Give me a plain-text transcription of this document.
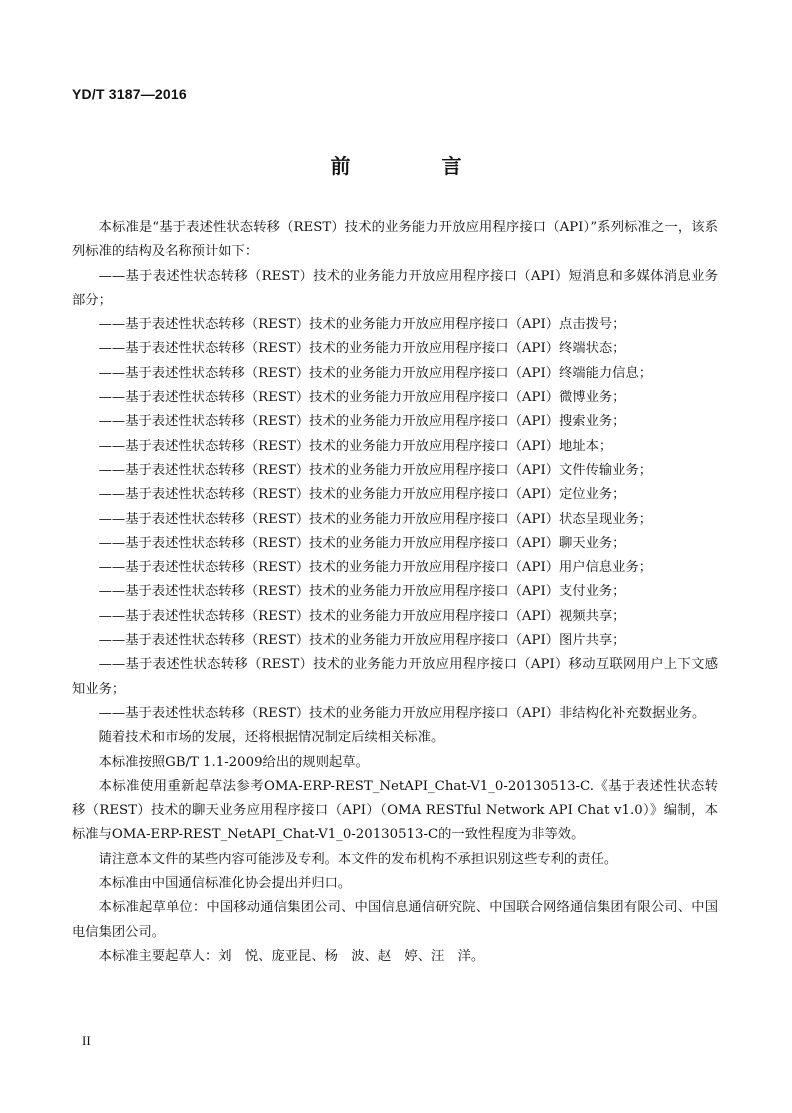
YD/T 3187—2016
前 言

本标准是“基于表述性状态转移（REST）技术的业务能力开放应用程序接口（API）”系列标准之一，该系列标准的结构及名称预计如下：

——基于表述性状态转移（REST）技术的业务能力开放应用程序接口（API）短消息和多媒体消息业务部分；

——基于表述性状态转移（REST）技术的业务能力开放应用程序接口（API）点击拨号；

——基于表述性状态转移（REST）技术的业务能力开放应用程序接口（API）终端状态；

——基于表述性状态转移（REST）技术的业务能力开放应用程序接口（API）终端能力信息；

——基于表述性状态转移（REST）技术的业务能力开放应用程序接口（API）微博业务；

——基于表述性状态转移（REST）技术的业务能力开放应用程序接口（API）搜索业务；

——基于表述性状态转移（REST）技术的业务能力开放应用程序接口（API）地址本；

——基于表述性状态转移（REST）技术的业务能力开放应用程序接口（API）文件传输业务；

——基于表述性状态转移（REST）技术的业务能力开放应用程序接口（API）定位业务；

——基于表述性状态转移（REST）技术的业务能力开放应用程序接口（API）状态呈现业务；

——基于表述性状态转移（REST）技术的业务能力开放应用程序接口（API）聊天业务；

——基于表述性状态转移（REST）技术的业务能力开放应用程序接口（API）用户信息业务；

——基于表述性状态转移（REST）技术的业务能力开放应用程序接口（API）支付业务；

——基于表述性状态转移（REST）技术的业务能力开放应用程序接口（API）视频共享；

——基于表述性状态转移（REST）技术的业务能力开放应用程序接口（API）图片共享；

——基于表述性状态转移（REST）技术的业务能力开放应用程序接口（API）移动互联网用户上下文感知业务；

——基于表述性状态转移（REST）技术的业务能力开放应用程序接口（API）非结构化补充数据业务。

随着技术和市场的发展，还将根据情况制定后续相关标准。

本标准按照GB/T 1.1-2009给出的规则起草。

本标准使用重新起草法参考OMA-ERP-REST_NetAPI_Chat-V1_0-20130513-C.《基于表述性状态转移（REST）技术的聊天业务应用程序接口（API）（OMA RESTful Network API Chat v1.0）》编制，本标准与OMA-ERP-REST_NetAPI_Chat-V1_0-20130513-C的一致性程度为非等效。

请注意本文件的某些内容可能涉及专利。本文件的发布机构不承担识别这些专利的责任。

本标准由中国通信标准化协会提出并归口。

本标准起草单位：中国移动通信集团公司、中国信息通信研究院、中国联合网络通信集团有限公司、中国电信集团公司。

本标准主要起草人：刘　悦、庞亚昆、杨　波、赵　婷、汪　洋。

II
